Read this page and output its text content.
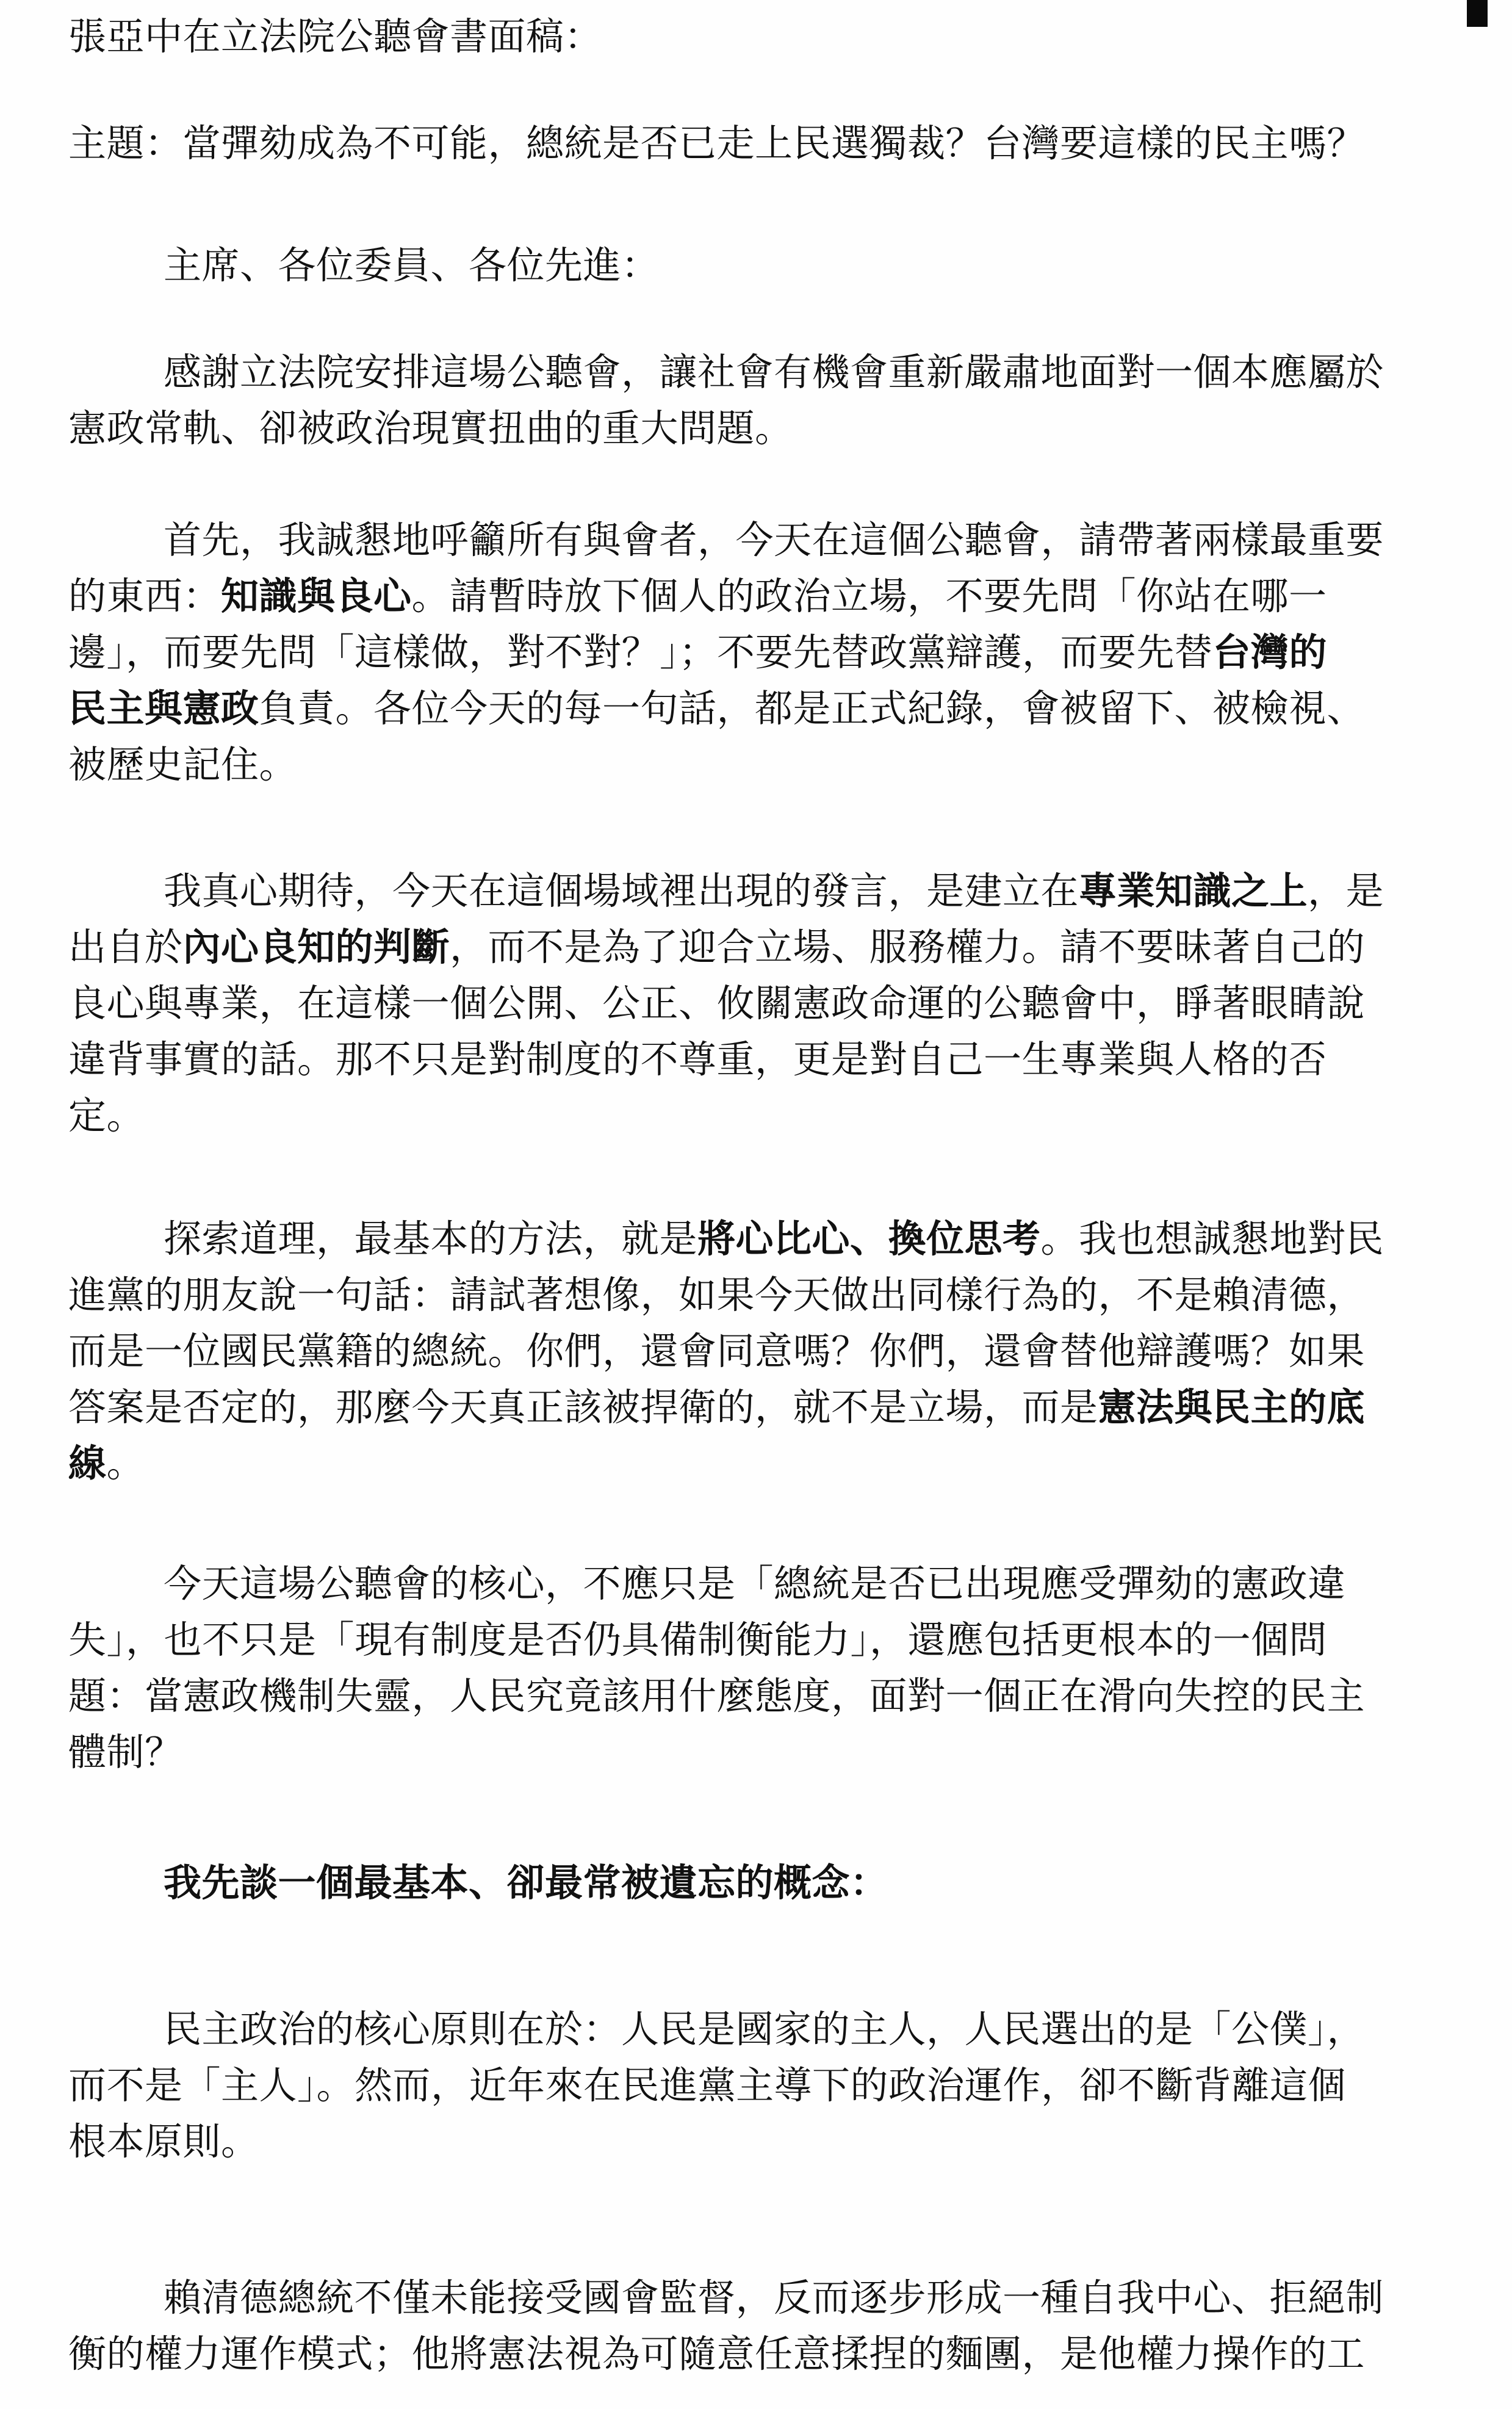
張亞中在立法院公聽會書面稿：
主題：當彈劾成為不可能，總統是否已走上民選獨裁？台灣要這樣的民主嗎？
主席、各位委員、各位先進：
感謝立法院安排這場公聽會，讓社會有機會重新嚴肅地面對一個本應屬於
憲政常軌、卻被政治現實扭曲的重大問題。
首先，我誠懇地呼籲所有與會者，今天在這個公聽會，請帶著兩樣最重要
的東西：知識與良心。請暫時放下個人的政治立場，不要先問「你站在哪一
邊」，而要先問「這樣做，對不對？」；不要先替政黨辯護，而要先替台灣的
民主與憲政負責。各位今天的每一句話，都是正式紀錄，會被留下、被檢視、
被歷史記住。
我真心期待，今天在這個場域裡出現的發言，是建立在專業知識之上，是
出自於內心良知的判斷，而不是為了迎合立場、服務權力。請不要昧著自己的
良心與專業，在這樣一個公開、公正、攸關憲政命運的公聽會中，睜著眼睛說
違背事實的話。那不只是對制度的不尊重，更是對自己一生專業與人格的否
定。
探索道理，最基本的方法，就是將心比心、換位思考。我也想誠懇地對民
進黨的朋友說一句話：請試著想像，如果今天做出同樣行為的，不是賴清德，
而是一位國民黨籍的總統。你們，還會同意嗎？你們，還會替他辯護嗎？如果
答案是否定的，那麼今天真正該被捍衛的，就不是立場，而是憲法與民主的底
線。
今天這場公聽會的核心，不應只是「總統是否已出現應受彈劾的憲政違
失」，也不只是「現有制度是否仍具備制衡能力」，還應包括更根本的一個問
題：當憲政機制失靈，人民究竟該用什麼態度，面對一個正在滑向失控的民主
體制？
我先談一個最基本、卻最常被遺忘的概念：
民主政治的核心原則在於：人民是國家的主人，人民選出的是「公僕」，
而不是「主人」。然而，近年來在民進黨主導下的政治運作，卻不斷背離這個
根本原則。
賴清德總統不僅未能接受國會監督，反而逐步形成一種自我中心、拒絕制
衡的權力運作模式；他將憲法視為可隨意任意揉捏的麵團，是他權力操作的工
